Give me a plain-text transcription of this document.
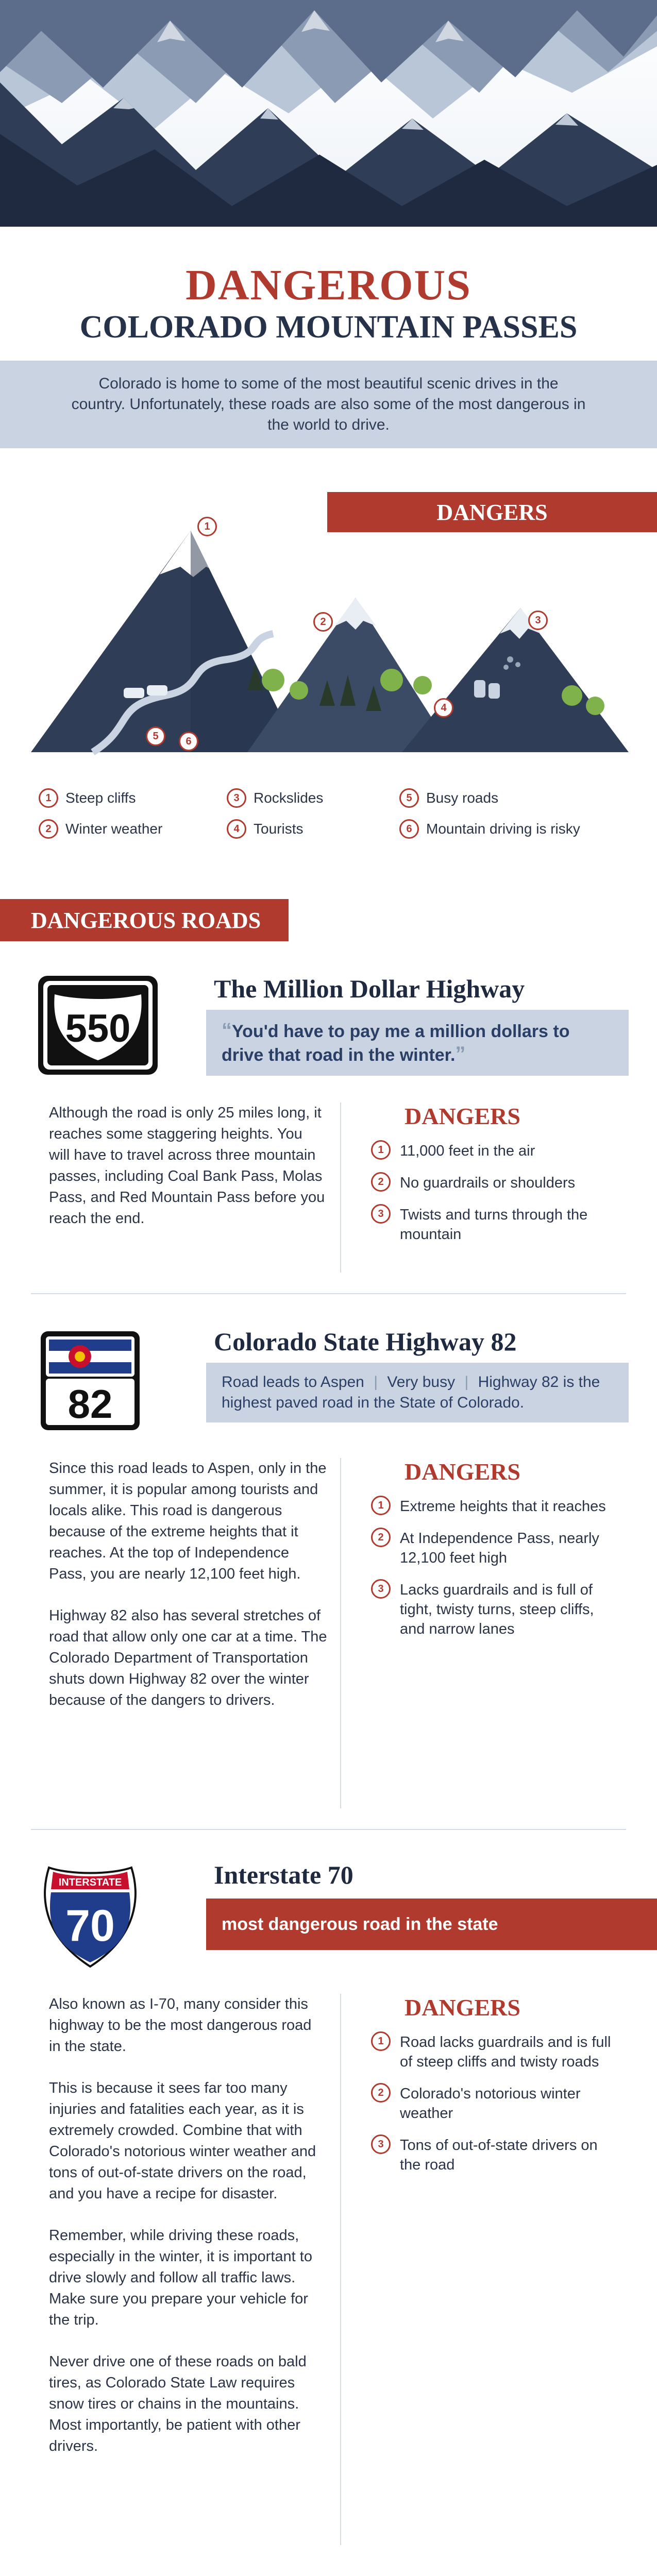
DANGEROUS
COLORADO MOUNTAIN PASSES

Colorado is home to some of the most beautiful scenic drives in the country. Unfortunately, these roads are also some of the most dangerous in the world to drive.

DANGERS
1
2	3
4
5	6
1 Steep cliffs
2 Winter weather
3 Rockslides
4 Tourists
5 Busy roads
6 Mountain driving is risky
DANGEROUS ROADS
550
The Million Dollar Highway
“You'd have to pay me a million dollars to drive that road in the winter.”

Although the road is only 25 miles long, it reaches some staggering heights. You will have to travel across three mountain passes, including Coal Bank Pass, Molas Pass, and Red Mountain Pass before you reach the end.

DANGERS
1	11,000 feet in the air
2	No guardrails or shoulders
3	Twists and turns through the mountain
82
Colorado State Highway 82
Road leads to Aspen | Very busy | Highway 82 is the highest paved road in the State of Colorado.

Since this road leads to Aspen, only in the summer, it is popular among tourists and locals alike. This road is dangerous because of the extreme heights that it reaches. At the top of Independence Pass, you are nearly 12,100 feet high.

Highway 82 also has several stretches of road that allow only one car at a time. The Colorado Department of Transportation shuts down Highway 82 over the winter because of the dangers to drivers.

DANGERS
1	Extreme heights that it reaches
2	At Independence Pass, nearly 12,100 feet high
3	Lacks guardrails and is full of tight, twisty turns, steep cliffs, and narrow lanes
INTERSTATE
70
Interstate 70
most dangerous road in the state

Also known as I-70, many consider this highway to be the most dangerous road in the state.

This is because it sees far too many injuries and fatalities each year, as it is extremely crowded. Combine that with Colorado's notorious winter weather and tons of out-of-state drivers on the road, and you have a recipe for disaster.

Remember, while driving these roads, especially in the winter, it is important to drive slowly and follow all traffic laws. Make sure you prepare your vehicle for the trip.

Never drive one of these roads on bald tires, as Colorado State Law requires snow tires or chains in the mountains. Most importantly, be patient with other drivers.

DANGERS
1	Road lacks guardrails and is full of steep cliffs and twisty roads
2	Colorado's notorious winter weather
3	Tons of out-of-state drivers on the road
